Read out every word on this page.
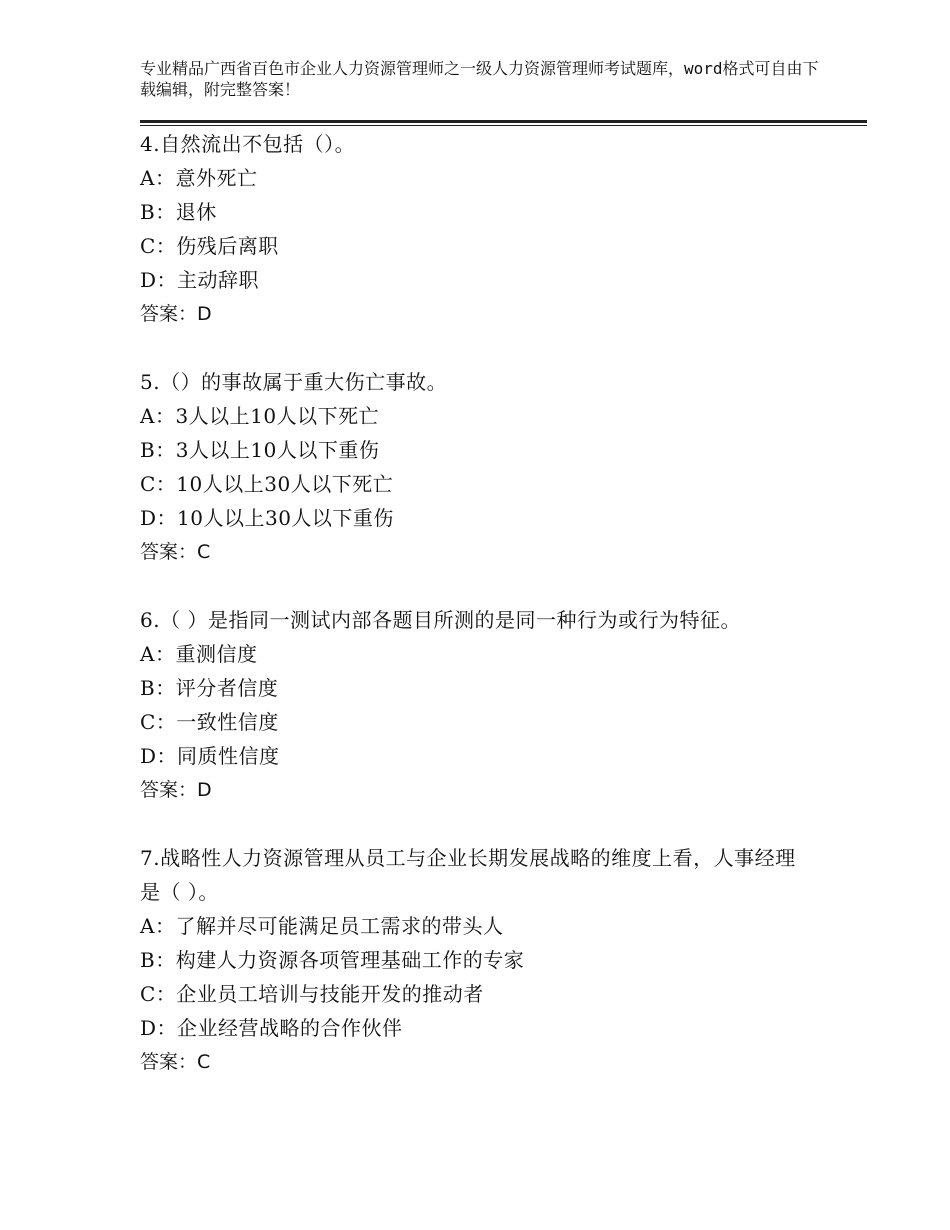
专业精品广西省百色市企业人力资源管理师之一级人力资源管理师考试题库，word格式可自由下载编辑，附完整答案！
4.自然流出不包括（）。
A：意外死亡
B：退休
C：伤残后离职
D：主动辞职
答案：D
5.（）的事故属于重大伤亡事故。
A：3人以上10人以下死亡
B：3人以上10人以下重伤
C：10人以上30人以下死亡
D：10人以上30人以下重伤
答案：C
6.（ ）是指同一测试内部各题目所测的是同一种行为或行为特征。
A：重测信度
B：评分者信度
C：一致性信度
D：同质性信度
答案：D
7.战略性人力资源管理从员工与企业长期发展战略的维度上看，人事经理是（ ）。
A：了解并尽可能满足员工需求的带头人
B：构建人力资源各项管理基础工作的专家
C：企业员工培训与技能开发的推动者
D：企业经营战略的合作伙伴
答案：C
